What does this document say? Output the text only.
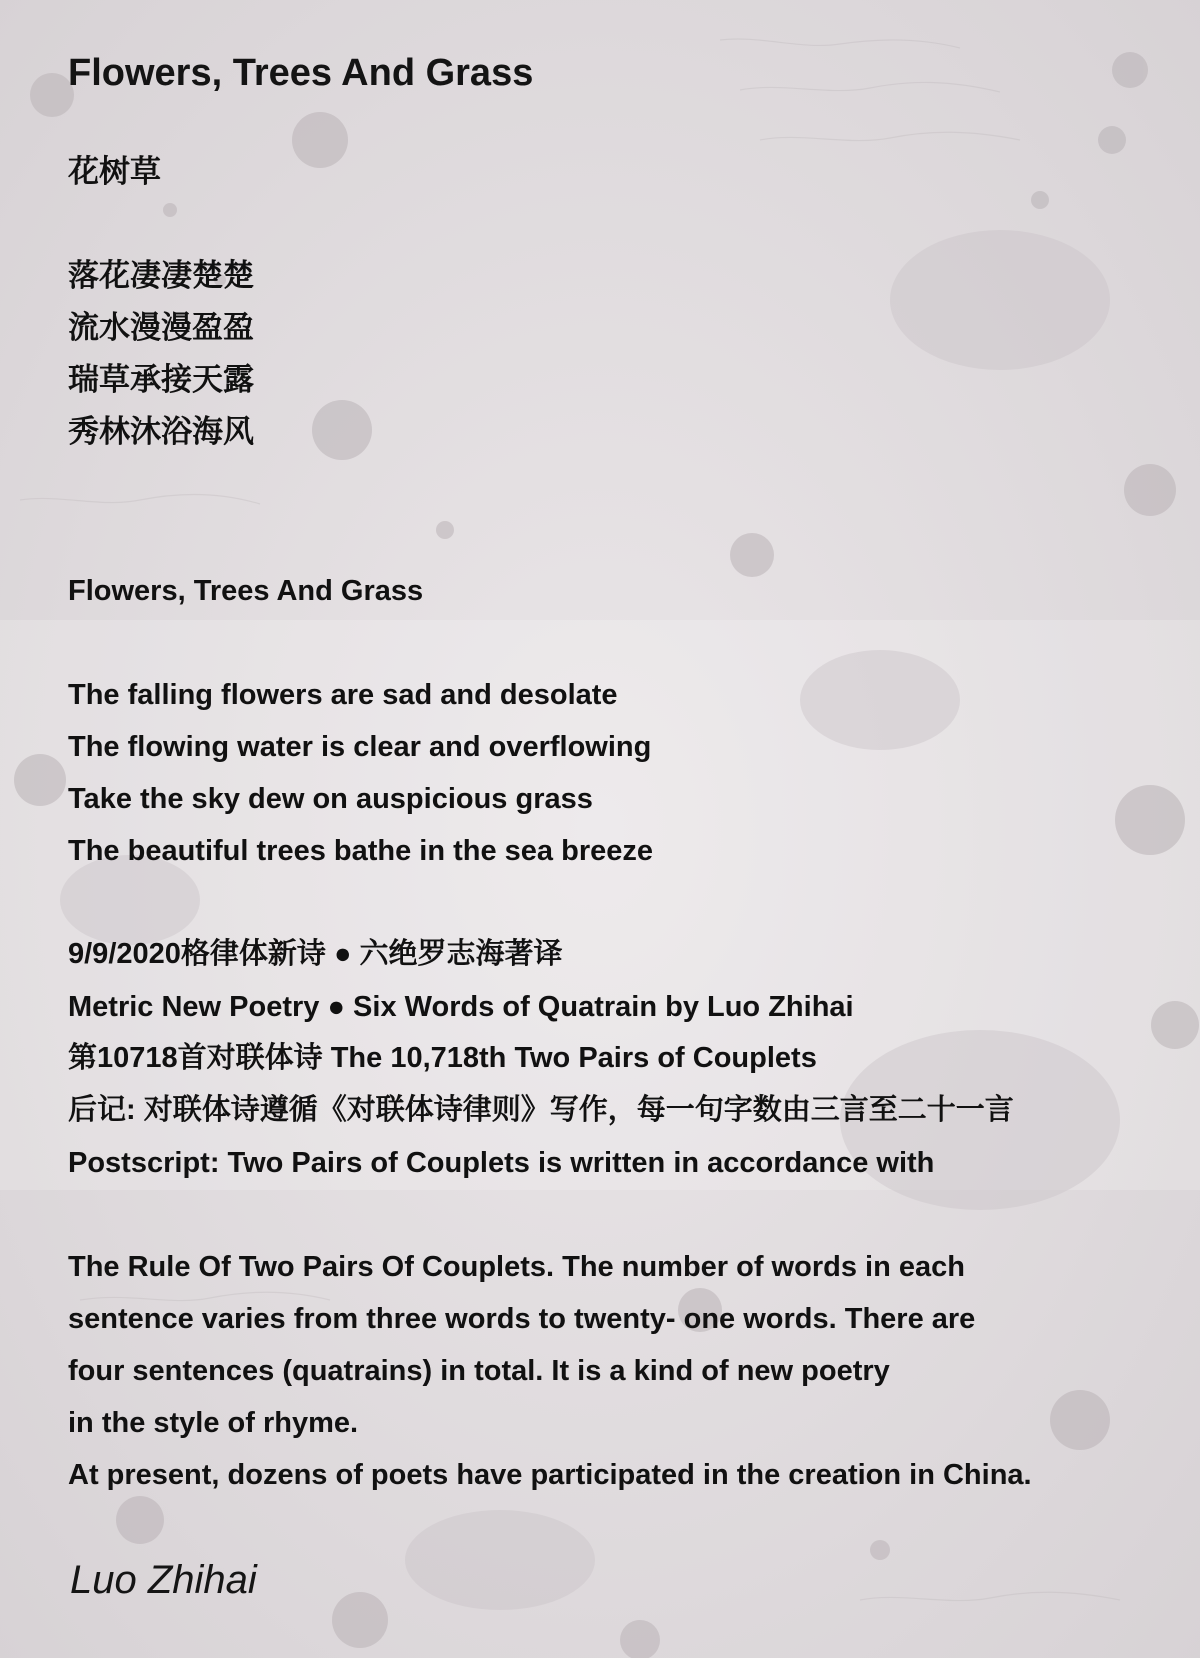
Flowers, Trees And Grass
花树草
落花凄凄楚楚
流水漫漫盈盈
瑞草承接天露
秀林沐浴海风
Flowers, Trees And Grass
The falling flowers are sad and desolate
The flowing water is clear and overflowing
Take the sky dew on auspicious grass
The beautiful trees bathe in the sea breeze
9/9/2020格律体新诗 ● 六绝罗志海著译
Metric New Poetry ● Six Words of Quatrain by Luo Zhihai
第10718首对联体诗 The 10,718th Two Pairs of Couplets
后记: 对联体诗遵循《对联体诗律则》写作，每一句字数由三言至二十一言
Postscript: Two Pairs of Couplets is written in accordance with
The Rule Of Two Pairs Of Couplets. The number of words in each
sentence varies from three words to twenty- one words. There are
four sentences (quatrains) in total. It is a kind of new poetry
in the style of rhyme.
At present, dozens of poets have participated in the creation in China.
Luo Zhihai
